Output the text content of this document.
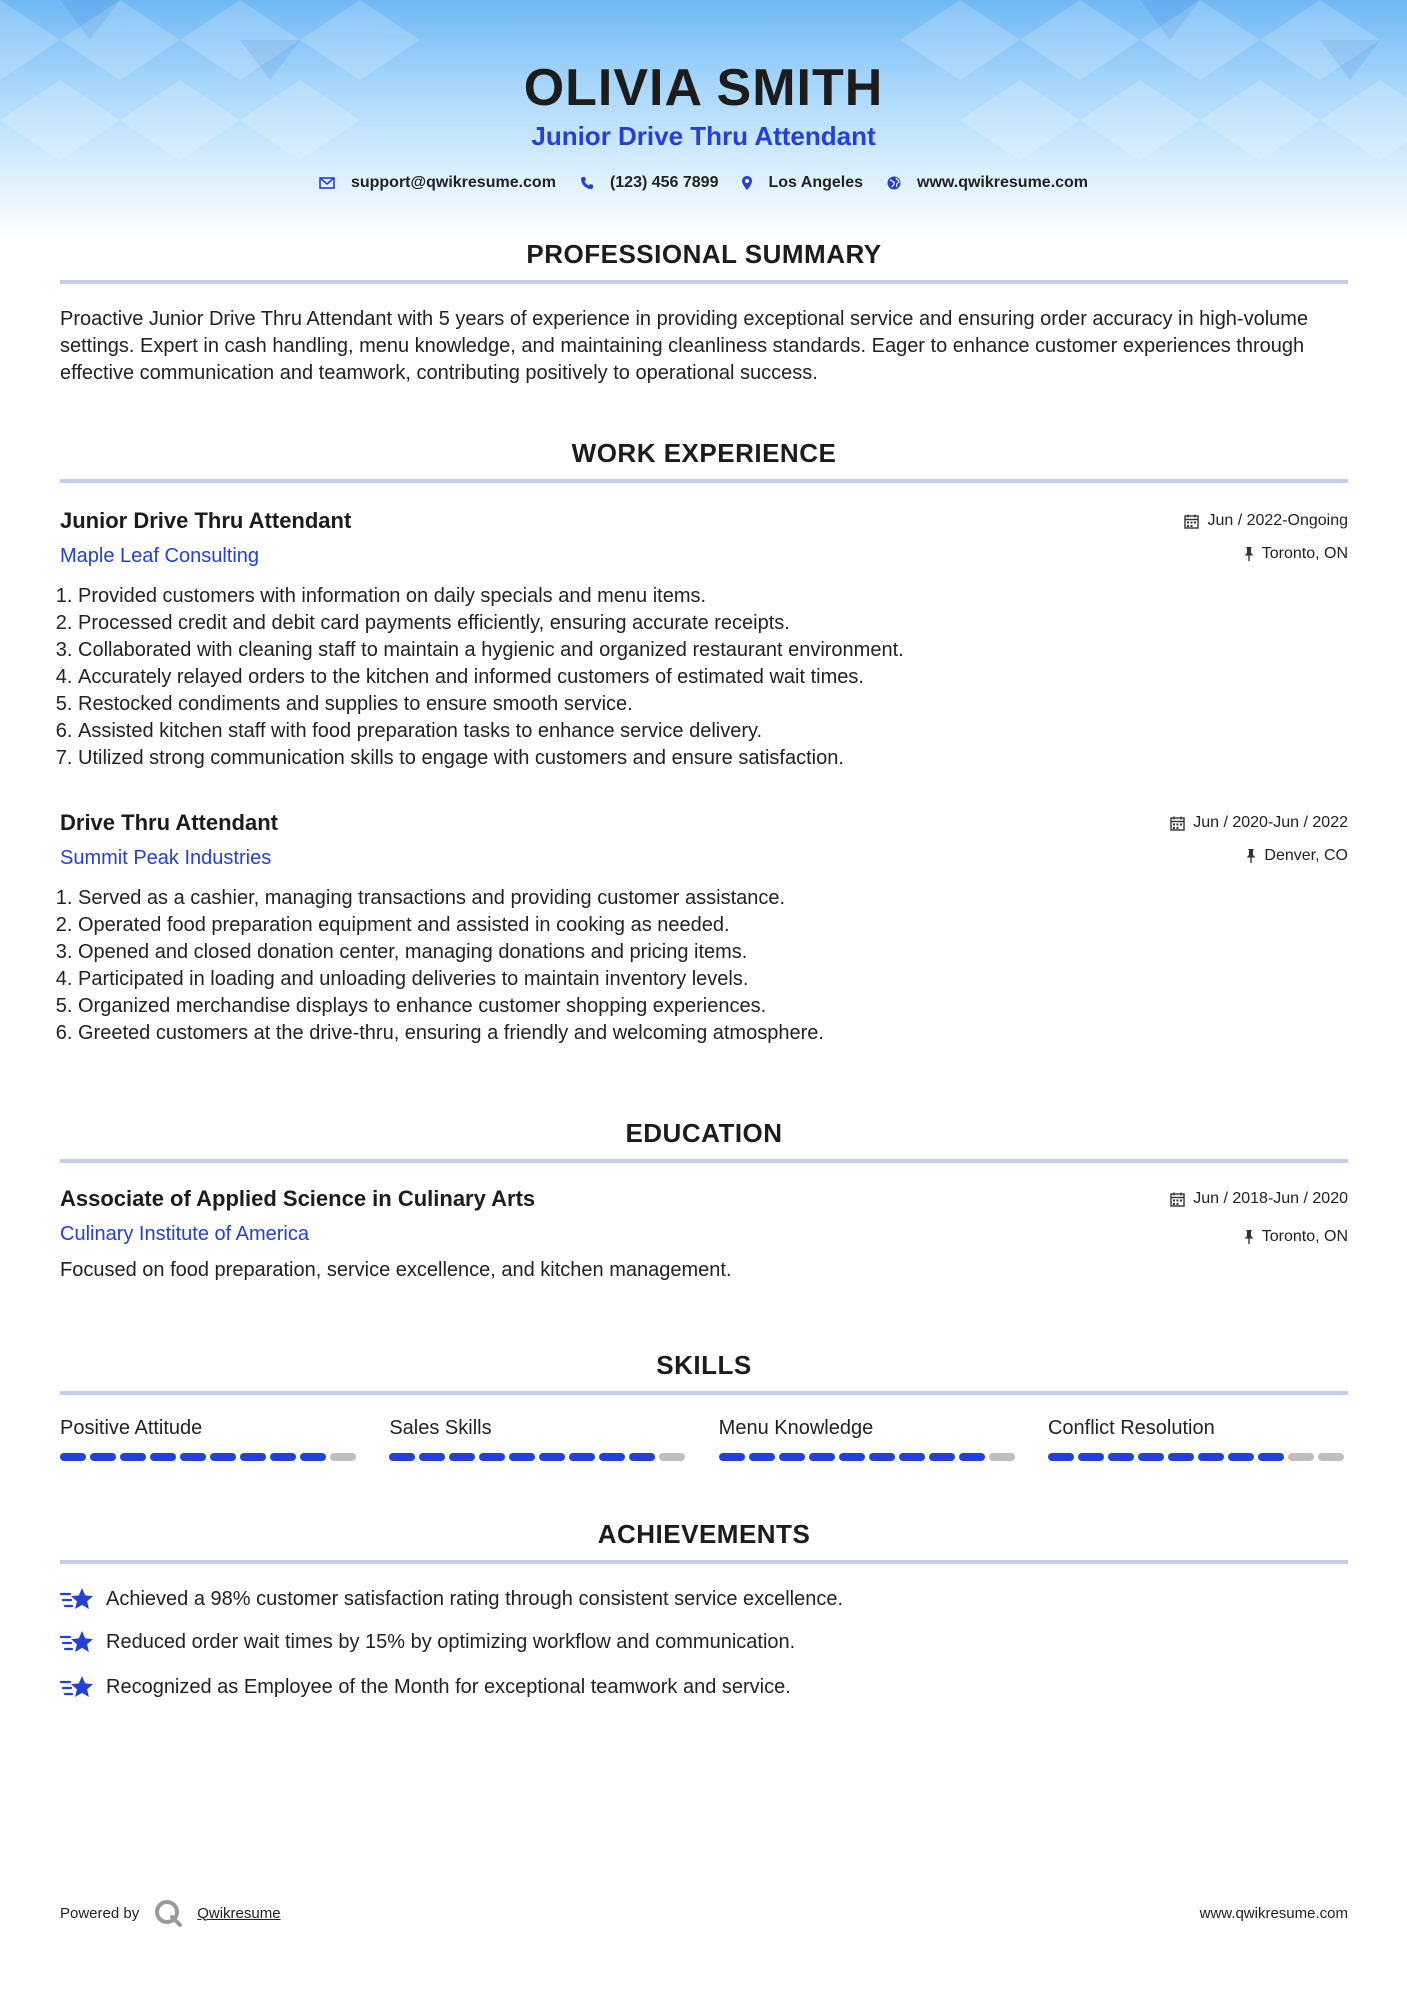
OLIVIA SMITH
Junior Drive Thru Attendant
support@qwikresume.com	(123) 456 7899	Los Angeles	www.qwikresume.com
PROFESSIONAL SUMMARY
Proactive Junior Drive Thru Attendant with 5 years of experience in providing exceptional service and ensuring order accuracy in high-volume settings. Expert in cash handling, menu knowledge, and maintaining cleanliness standards. Eager to enhance customer experiences through effective communication and teamwork, contributing positively to operational success.
WORK EXPERIENCE
Junior Drive Thru Attendant
Maple Leaf Consulting
Jun / 2022-Ongoing
Toronto, ON
1. Provided customers with information on daily specials and menu items.
2. Processed credit and debit card payments efficiently, ensuring accurate receipts.
3. Collaborated with cleaning staff to maintain a hygienic and organized restaurant environment.
4. Accurately relayed orders to the kitchen and informed customers of estimated wait times.
5. Restocked condiments and supplies to ensure smooth service.
6. Assisted kitchen staff with food preparation tasks to enhance service delivery.
7. Utilized strong communication skills to engage with customers and ensure satisfaction.
Drive Thru Attendant
Summit Peak Industries
Jun / 2020-Jun / 2022
Denver, CO
1. Served as a cashier, managing transactions and providing customer assistance.
2. Operated food preparation equipment and assisted in cooking as needed.
3. Opened and closed donation center, managing donations and pricing items.
4. Participated in loading and unloading deliveries to maintain inventory levels.
5. Organized merchandise displays to enhance customer shopping experiences.
6. Greeted customers at the drive-thru, ensuring a friendly and welcoming atmosphere.
EDUCATION
Associate of Applied Science in Culinary Arts
Culinary Institute of America
Jun / 2018-Jun / 2020
Toronto, ON
Focused on food preparation, service excellence, and kitchen management.
SKILLS
Positive Attitude	Sales Skills	Menu Knowledge	Conflict Resolution
ACHIEVEMENTS
Achieved a 98% customer satisfaction rating through consistent service excellence.
Reduced order wait times by 15% by optimizing workflow and communication.
Recognized as Employee of the Month for exceptional teamwork and service.
Powered by	Qwikresume	www.qwikresume.com
